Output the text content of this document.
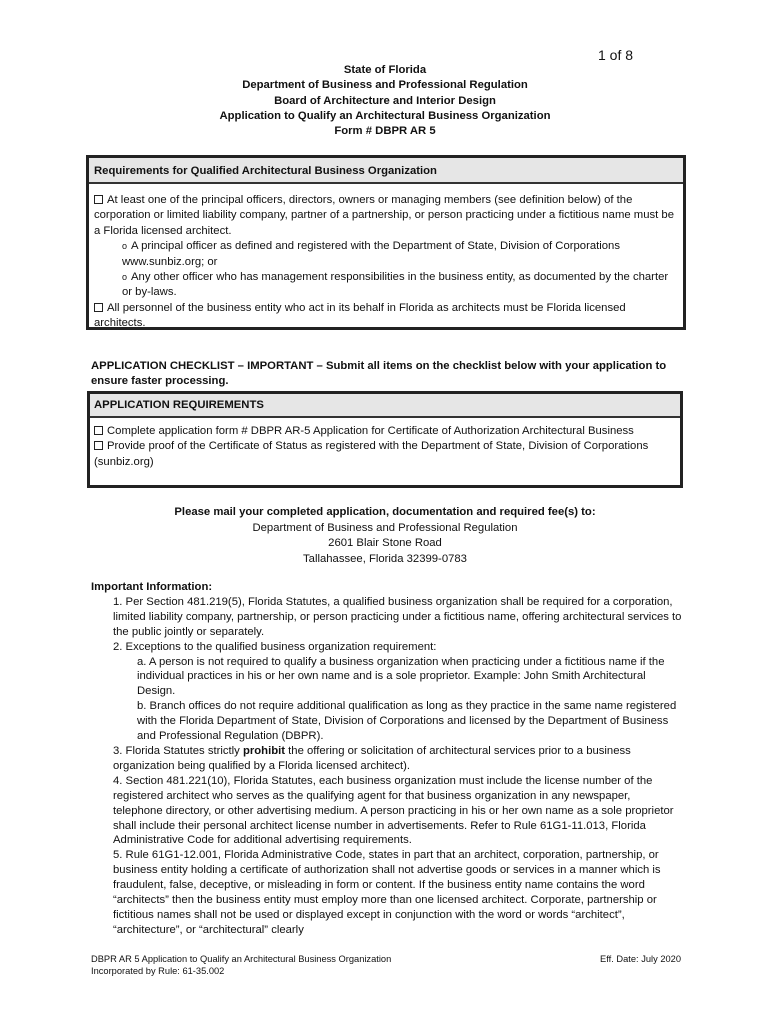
1 of 8
State of Florida
Department of Business and Professional Regulation
Board of Architecture and Interior Design
Application to Qualify an Architectural Business Organization
Form # DBPR AR 5
Requirements for Qualified Architectural Business Organization

At least one of the principal officers, directors, owners or managing members (see definition below) of the corporation or limited liability company, partner of a partnership, or person practicing under a fictitious name must be a Florida licensed architect.

o A principal officer as defined and registered with the Department of State, Division of Corporations www.sunbiz.org; or

o Any other officer who has management responsibilities in the business entity, as documented by the charter or by-laws.

All personnel of the business entity who act in its behalf in Florida as architects must be Florida licensed architects.

APPLICATION CHECKLIST – IMPORTANT – Submit all items on the checklist below with your application to ensure faster processing.
APPLICATION REQUIREMENTS

Complete application form # DBPR AR-5 Application for Certificate of Authorization Architectural Business

Provide proof of the Certificate of Status as registered with the Department of State, Division of Corporations (sunbiz.org)

Please mail your completed application, documentation and required fee(s) to:
Department of Business and Professional Regulation
2601 Blair Stone Road
Tallahassee, Florida 32399-0783

Important Information:

1. Per Section 481.219(5), Florida Statutes, a qualified business organization shall be required for a corporation, limited liability company, partnership, or person practicing under a fictitious name, offering architectural services to the public jointly or separately.

2. Exceptions to the qualified business organization requirement:

a. A person is not required to qualify a business organization when practicing under a fictitious name if the individual practices in his or her own name and is a sole proprietor. Example: John Smith Architectural Design.

b. Branch offices do not require additional qualification as long as they practice in the same name registered with the Florida Department of State, Division of Corporations and licensed by the Department of Business and Professional Regulation (DBPR).

3. Florida Statutes strictly prohibit the offering or solicitation of architectural services prior to a business organization being qualified by a Florida licensed architect).

4. Section 481.221(10), Florida Statutes, each business organization must include the license number of the registered architect who serves as the qualifying agent for that business organization in any newspaper, telephone directory, or other advertising medium. A person practicing in his or her own name as a sole proprietor shall include their personal architect license number in advertisements. Refer to Rule 61G1-11.013, Florida Administrative Code for additional advertising requirements.

5. Rule 61G1-12.001, Florida Administrative Code, states in part that an architect, corporation, partnership, or business entity holding a certificate of authorization shall not advertise goods or services in a manner which is fraudulent, false, deceptive, or misleading in form or content. If the business entity name contains the word “architects” then the business entity must employ more than one licensed architect. Corporate, partnership or fictitious names shall not be used or displayed except in conjunction with the word or words “architect”, “architecture”, or “architectural” clearly

DBPR AR 5 Application to Qualify an Architectural Business Organization
Incorporated by Rule: 61-35.002
Eff. Date: July 2020
